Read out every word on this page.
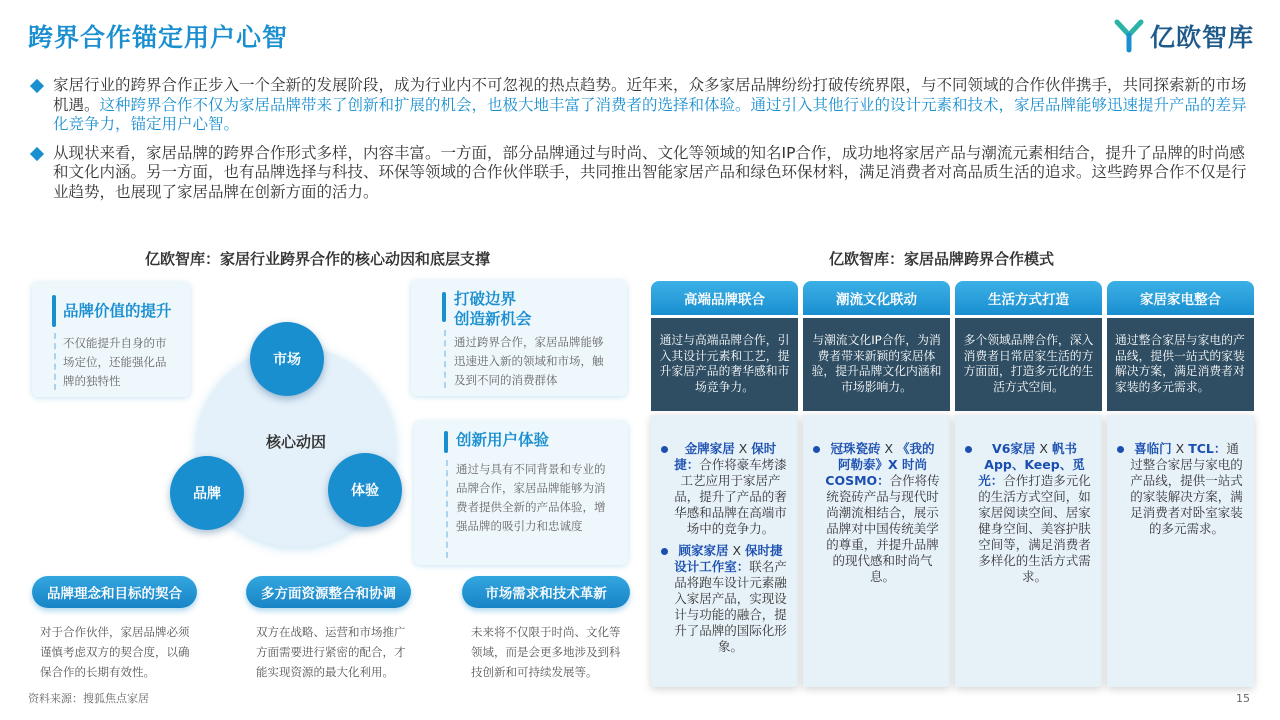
跨界合作锚定用户心智	亿欧智库
家居行业的跨界合作正步入一个全新的发展阶段，成为行业内不可忽视的热点趋势。近年来，众多家居品牌纷纷打破传统界限，与不同领域的合作伙伴携手，共同探索新的市场机遇。这种跨界合作不仅为家居品牌带来了创新和扩展的机会，也极大地丰富了消费者的选择和体验。通过引入其他行业的设计元素和技术，家居品牌能够迅速提升产品的差异化竞争力，锚定用户心智。
从现状来看，家居品牌的跨界合作形式多样，内容丰富。一方面，部分品牌通过与时尚、文化等领域的知名IP合作，成功地将家居产品与潮流元素相结合，提升了品牌的时尚感和文化内涵。另一方面，也有品牌选择与科技、环保等领域的合作伙伴联手，共同推出智能家居产品和绿色环保材料，满足消费者对高品质生活的追求。这些跨界合作不仅是行业趋势，也展现了家居品牌在创新方面的活力。
亿欧智库：家居行业跨界合作的核心动因和底层支撑	亿欧智库：家居品牌跨界合作模式
品牌价值的提升
不仅能提升自身的市场定位，还能强化品牌的独特性
打破边界
创造新机会
通过跨界合作，家居品牌能够迅速进入新的领域和市场，触及到不同的消费群体
创新用户体验
通过与具有不同背景和专业的品牌合作，家居品牌能够为消费者提供全新的产品体验，增强品牌的吸引力和忠诚度
核心动因
市场
品牌	体验
品牌理念和目标的契合
对于合作伙伴，家居品牌必须谨慎考虑双方的契合度，以确保合作的长期有效性。
多方面资源整合和协调
双方在战略、运营和市场推广方面需要进行紧密的配合，才能实现资源的最大化利用。
市场需求和技术革新
未来将不仅限于时尚、文化等领域，而是会更多地涉及到科技创新和可持续发展等。
高端品牌联合	潮流文化联动	生活方式打造	家居家电整合
通过与高端品牌合作，引入其设计元素和工艺，提升家居产品的奢华感和市场竞争力。
与潮流文化IP合作，为消费者带来新颖的家居体验，提升品牌文化内涵和市场影响力。
多个领域品牌合作，深入消费者日常居家生活的方方面面，打造多元化的生活方式空间。
通过整合家居与家电的产品线，提供一站式的家装解决方案，满足消费者对家装的多元需求。
金牌家居 X 保时捷：合作将豪车烤漆工艺应用于家居产品，提升了产品的奢华感和品牌在高端市场中的竞争力。
顾家家居 X 保时捷设计工作室：联名产品将跑车设计元素融入家居产品，实现设计与功能的融合，提升了品牌的国际化形象。
冠珠瓷砖 X 《我的阿勒泰》X 时尚COSMO：合作将传统瓷砖产品与现代时尚潮流相结合，展示品牌对中国传统美学的尊重，并提升品牌的现代感和时尚气息。
V6家居 X 帆书App、Keep、觅光：合作打造多元化的生活方式空间，如家居阅读空间、居家健身空间、美容护肤空间等，满足消费者多样化的生活方式需求。
喜临门 X TCL：通过整合家居与家电的产品线，提供一站式的家装解决方案，满足消费者对卧室家装的多元需求。
资料来源：搜狐焦点家居	15
